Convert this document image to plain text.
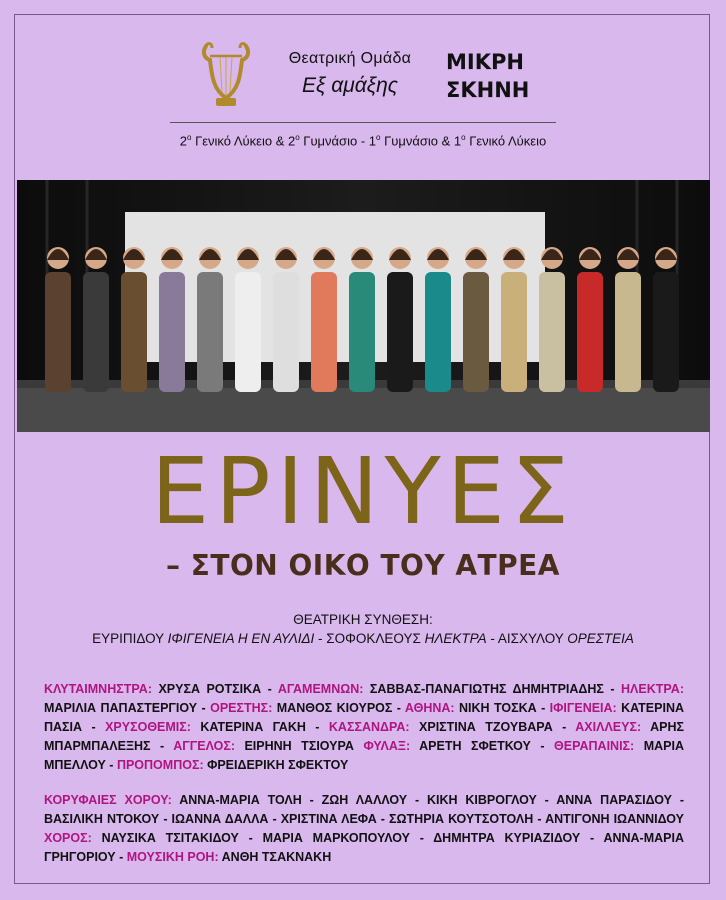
Θεατρική Ομάδα
Εξ αμάξης
ΜΙΚΡΗ
ΣΚΗΝΗ
$2^o$ Γενικό Λύκειο & $2^o$ Γυμνάσιο - $1^o$ Γυμνάσιο & $1^o$ Γενικό Λύκειο
ΕΡΙΝΥΕΣ
– ΣΤΟΝ ΟΙΚΟ ΤΟΥ ΑΤΡΕΑ
ΘΕΑΤΡΙΚΗ ΣΥΝΘΕΣΗ:
ΕΥΡΙΠΙΔΟΥ ΙΦΙΓΕΝΕΙΑ Η ΕΝ ΑΥΛΙΔΙ - ΣΟΦΟΚΛΕΟΥΣ ΗΛΕΚΤΡΑ - ΑΙΣΧΥΛΟΥ ΟΡΕΣΤΕΙΑ

ΚΛΥΤΑΙΜΝΗΣΤΡΑ: ΧΡΥΣΑ ΡΟΤΣΙΚΑ - ΑΓΑΜΕΜΝΩΝ: ΣΑΒΒΑΣ-ΠΑΝΑΓΙΩΤΗΣ ΔΗΜΗΤΡΙΑΔΗΣ - ΗΛΕΚΤΡΑ: ΜΑΡΙΛΙΑ ΠΑΠΑΣΤΕΡΓΙΟΥ - ΟΡΕΣΤΗΣ: ΜΑΝΘΟΣ ΚΙΟΥΡΟΣ - ΑΘΗΝΑ: ΝΙΚΗ ΤΟΣΚΑ - ΙΦΙΓΕΝΕΙΑ: ΚΑΤΕΡΙΝΑ ΠΑΣΙΑ - ΧΡΥΣΟΘΕΜΙΣ: ΚΑΤΕΡΙΝΑ ΓΑΚΗ - ΚΑΣΣΑΝΔΡΑ: ΧΡΙΣΤΙΝΑ ΤΖΟΥΒΑΡΑ - ΑΧΙΛΛΕΥΣ: ΑΡΗΣ ΜΠΑΡΜΠΑΛΕΞΗΣ - ΑΓΓΕΛΟΣ: ΕΙΡΗΝΗ ΤΣΙΟΥΡΑ ΦΥΛΑΞ: ΑΡΕΤΗ ΣΦΕΤΚΟΥ - ΘΕΡΑΠΑΙΝΙΣ: ΜΑΡΙΑ ΜΠΕΛΛΟΥ - ΠΡΟΠΟΜΠΟΣ: ΦΡΕΙΔΕΡΙΚΗ ΣΦΕΚΤΟΥ

ΚΟΡΥΦΑΙΕΣ ΧΟΡΟΥ: ΑΝΝΑ-ΜΑΡΙΑ ΤΟΛΗ - ΖΩΗ ΛΑΛΛΟΥ - ΚΙΚΗ ΚΙΒΡΟΓΛΟΥ - ΑΝΝΑ ΠΑΡΑΣΙΔΟΥ - ΒΑΣΙΛΙΚΗ ΝΤΟΚΟΥ - ΙΩΑΝΝΑ ΔΑΛΛΑ - ΧΡΙΣΤΙΝΑ ΛΕΦΑ - ΣΩΤΗΡΙΑ ΚΟΥΤΣΟΤΟΛΗ - ΑΝΤΙΓΟΝΗ ΙΩΑΝΝΙΔΟΥ ΧΟΡΟΣ: ΝΑΥΣΙΚΑ ΤΣΙΤΑΚΙΔΟΥ - ΜΑΡΙΑ ΜΑΡΚΟΠΟΥΛΟΥ - ΔΗΜΗΤΡΑ ΚΥΡΙΑΖΙΔΟΥ - ΑΝΝΑ-ΜΑΡΙΑ ΓΡΗΓΟΡΙΟΥ - ΜΟΥΣΙΚΗ ΡΟΗ: ΑΝΘΗ ΤΣΑΚΝΑΚΗ
